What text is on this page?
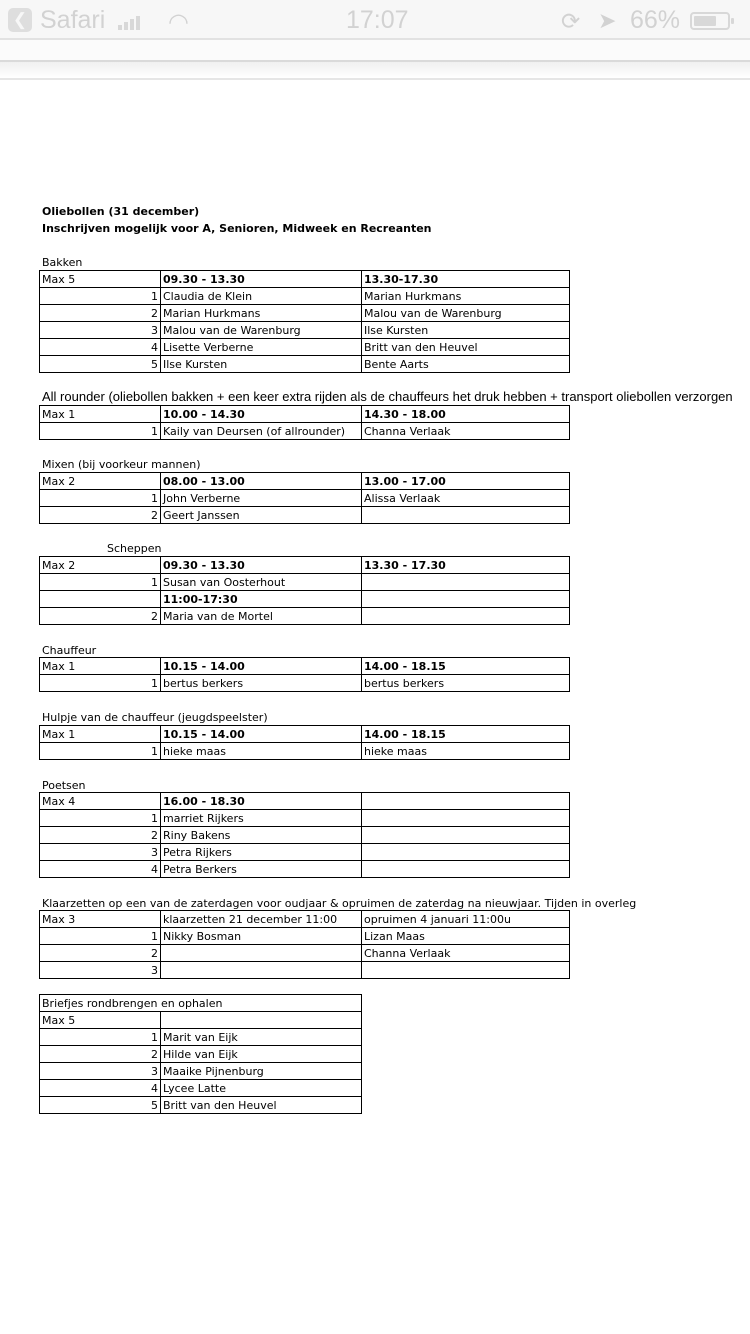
❮ Safari	◠	17:07	⟳ ➤ 66%
Oliebollen (31 december)
Inschrijven mogelijk voor A, Senioren, Midweek en Recreanten
Bakken
Max 5	09.30 - 13.30	13.30-17.30
1	Claudia de Klein	Marian Hurkmans
2	Marian Hurkmans	Malou van de Warenburg
3	Malou van de Warenburg	Ilse Kursten
4	Lisette Verberne	Britt van den Heuvel
5	Ilse Kursten	Bente Aarts
All rounder (oliebollen bakken + een keer extra rijden als de chauffeurs het druk hebben + transport oliebollen verzorgen
Max 1	10.00 - 14.30	14.30 - 18.00
1	Kaily van Deursen (of allrounder)	Channa Verlaak
Mixen (bij voorkeur mannen)
Max 2	08.00 - 13.00	13.00 - 17.00
1	John Verberne	Alissa Verlaak
2	Geert Janssen	
Scheppen
Max 2	09.30 - 13.30	13.30 - 17.30
1	Susan van Oosterhout	
	11:00-17:30	
2	Maria van de Mortel	
Chauffeur
Max 1	10.15 - 14.00	14.00 - 18.15
1	bertus berkers	bertus berkers
Hulpje van de chauffeur (jeugdspeelster)
Max 1	10.15 - 14.00	14.00 - 18.15
1	hieke maas	hieke maas
Poetsen
Max 4	16.00 - 18.30	
1	marriet Rijkers	
2	Riny Bakens	
3	Petra Rijkers	
4	Petra Berkers	
Klaarzetten op een van de zaterdagen voor oudjaar & opruimen de zaterdag na nieuwjaar. Tijden in overleg
Max 3	klaarzetten 21 december 11:00	opruimen 4 januari 11:00u
1	Nikky Bosman	Lizan Maas
2		Channa Verlaak
3		
Briefjes rondbrengen en ophalen	
Max 5	
1	Marit van Eijk
2	Hilde van Eijk
3	Maaike Pijnenburg
4	Lycee Latte
5	Britt van den Heuvel
